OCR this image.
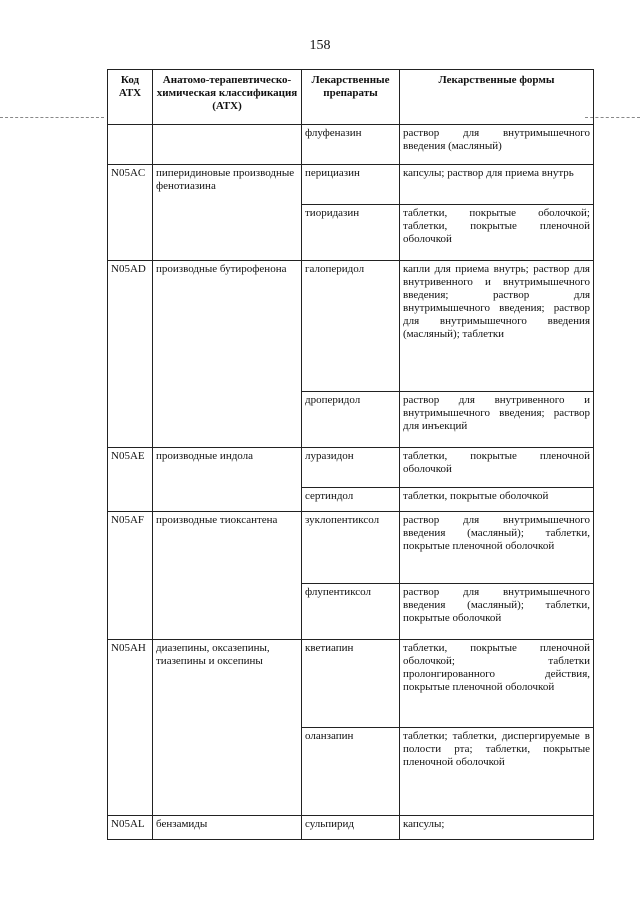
158
Код АТХ	Анатомо-терапевтическо-химическая классификация (АТХ)	Лекарственные препараты	Лекарственные формы
		флуфеназин	раствор для внутримышечного введения (масляный)
N05AC	пиперидиновые производные фенотиазина	перициазин	капсулы; раствор для приема внутрь
		тиоридазин	таблетки, покрытые оболочкой; таблетки, покрытые пленочной оболочкой
N05AD	производные бутирофенона	галоперидол	капли для приема внутрь; раствор для внутривенного и внутримышечного введения; раствор для внутримышечного введения; раствор для внутримышечного введения (масляный); таблетки
		дроперидол	раствор для внутривенного и внутримышечного введения; раствор для инъекций
N05AE	производные индола	луразидон	таблетки, покрытые пленочной оболочкой
		сертиндол	таблетки, покрытые оболочкой
N05AF	производные тиоксантена	зуклопентиксол	раствор для внутримышечного введения (масляный); таблетки, покрытые пленочной оболочкой
		флупентиксол	раствор для внутримышечного введения (масляный); таблетки, покрытые оболочкой
N05AH	диазепины, оксазепины, тиазепины и оксепины	кветиапин	таблетки, покрытые пленочной оболочкой; таблетки пролонгированного действия, покрытые пленочной оболочкой
		оланзапин	таблетки; таблетки, диспергируемые в полости рта; таблетки, покрытые пленочной оболочкой
N05AL	бензамиды	сульпирид	капсулы;
